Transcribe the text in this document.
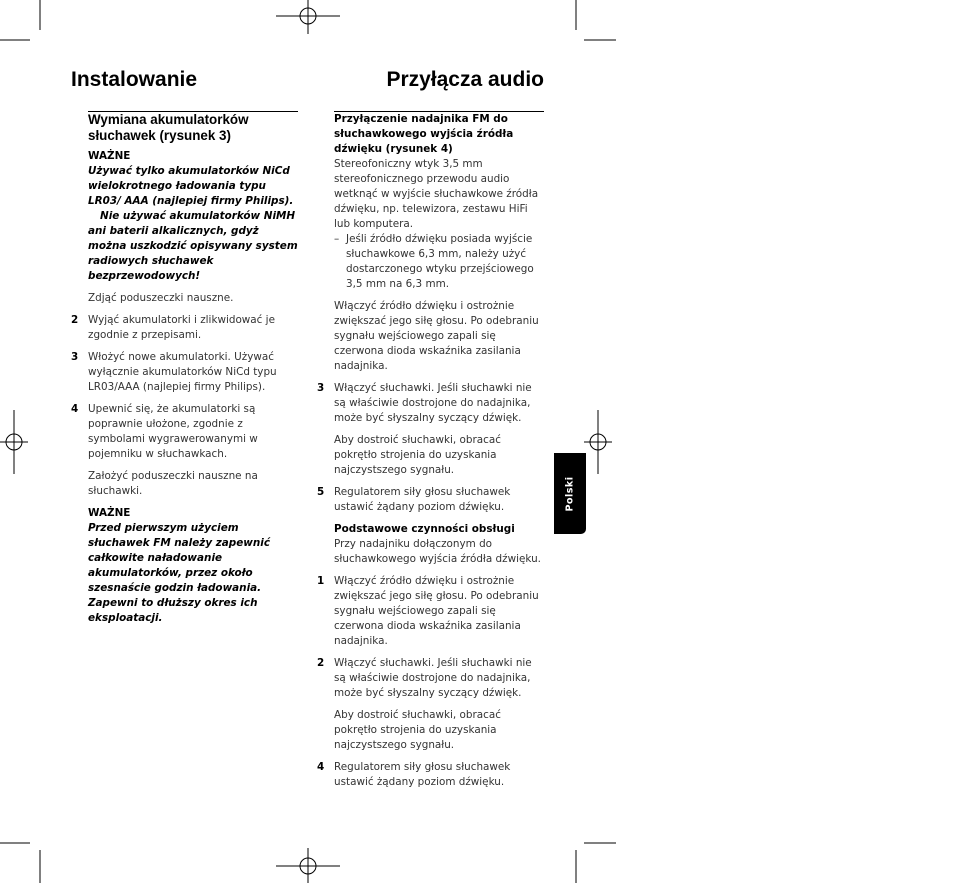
Instalowanie	Przyłącza audio
Wymiana akumulatorków słuchawek (rysunek 3)
WAŻNE
Używać tylko akumulatorków NiCd wielokrotnego ładowania typu LR03/ AAA (najlepiej firmy Philips).
Nie używać akumulatorków NiMH ani baterii alkalicznych, gdyż można uszkodzić opisywany system radiowych słuchawek bezprzewodowych!
Zdjąć poduszeczki nauszne.
2 Wyjąć akumulatorki i zlikwidować je zgodnie z przepisami.
3 Włożyć nowe akumulatorki. Używać wyłącznie akumulatorków NiCd typu LR03/AAA (najlepiej firmy Philips).
4 Upewnić się, że akumulatorki są poprawnie ułożone, zgodnie z symbolami wygrawerowanymi w pojemniku w słuchawkach.
Założyć poduszeczki nauszne na słuchawki.
WAŻNE
Przed pierwszym użyciem słuchawek FM należy zapewnić całkowite naładowanie akumulatorków, przez około szesnaście godzin ładowania. Zapewni to dłuższy okres ich eksploatacji.
Przyłączenie nadajnika FM do słuchawkowego wyjścia źródła dźwięku (rysunek 4)
Stereofoniczny wtyk 3,5 mm stereofonicznego przewodu audio wetknąć w wyjście słuchawkowe źródła dźwięku, np. telewizora, zestawu HiFi lub komputera.
– Jeśli źródło dźwięku posiada wyjście słuchawkowe 6,3 mm, należy użyć dostarczonego wtyku przejściowego 3,5 mm na 6,3 mm.
Włączyć źródło dźwięku i ostrożnie zwiększać jego siłę głosu. Po odebraniu sygnału wejściowego zapali się czerwona dioda wskaźnika zasilania nadajnika.
3 Włączyć słuchawki. Jeśli słuchawki nie są właściwie dostrojone do nadajnika, może być słyszalny syczący dźwięk.
Aby dostroić słuchawki, obracać pokrętło strojenia do uzyskania najczystszego sygnału.
5 Regulatorem siły głosu słuchawek ustawić żądany poziom dźwięku.
Podstawowe czynności obsługi
Przy nadajniku dołączonym do słuchawkowego wyjścia źródła dźwięku.
1 Włączyć źródło dźwięku i ostrożnie zwiększać jego siłę głosu. Po odebraniu sygnału wejściowego zapali się czerwona dioda wskaźnika zasilania nadajnika.
2 Włączyć słuchawki. Jeśli słuchawki nie są właściwie dostrojone do nadajnika, może być słyszalny syczący dźwięk.
Aby dostroić słuchawki, obracać pokrętło strojenia do uzyskania najczystszego sygnału.
4 Regulatorem siły głosu słuchawek ustawić żądany poziom dźwięku.
Polski
